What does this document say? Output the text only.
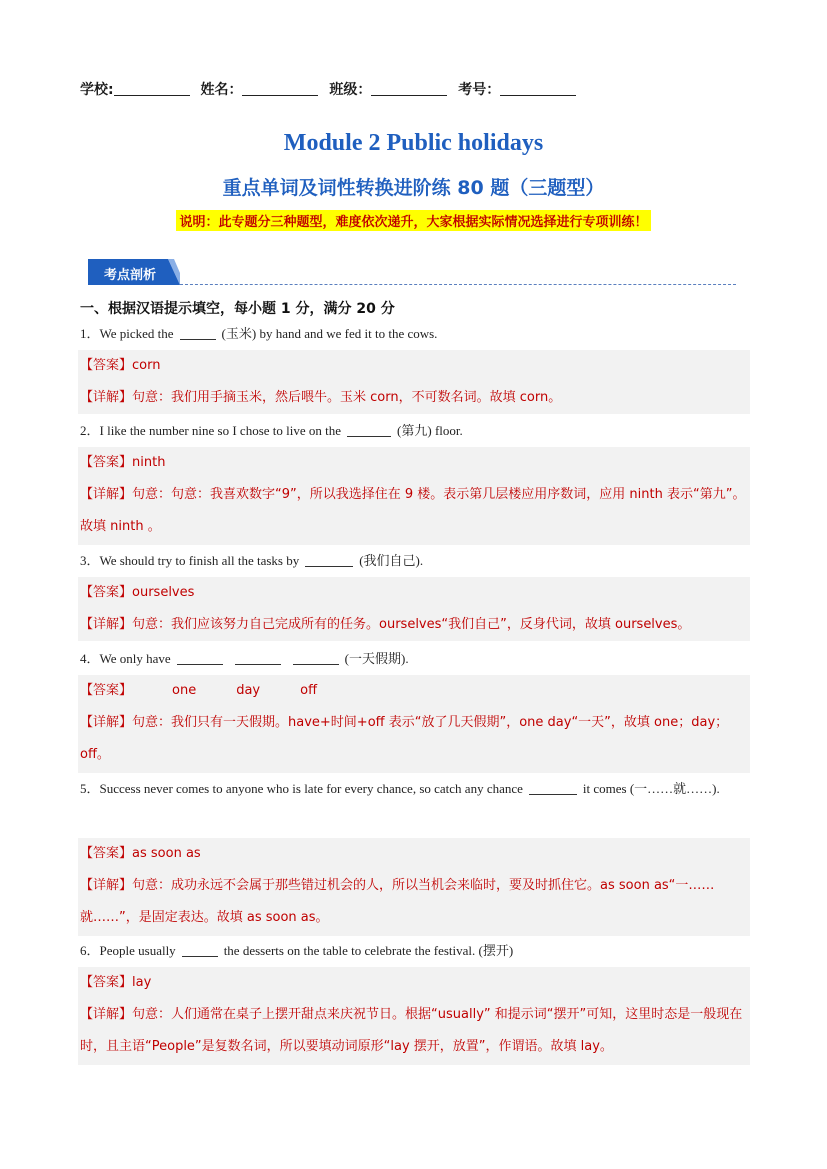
学校:	姓名：	班级：	考号：
Module 2 Public holidays
重点单词及词性转换进阶练 80 题（三题型）
说明：此专题分三种题型，难度依次递升，大家根据实际情况选择进行专项训练！
考点剖析
一、根据汉语提示填空，每小题 1 分，满分 20 分
1．We picked the	(玉米) by hand and we fed it to the cows.
【答案】corn
【详解】句意：我们用手摘玉米，然后喂牛。玉米 corn，不可数名词。故填 corn。
2．I like the number nine so I chose to live on the	(第九) floor.
【答案】ninth
【详解】句意：句意：我喜欢数字“9”，所以我选择住在 9 楼。表示第几层楼应用序数词，应用 ninth 表示“第九”。故填 ninth 。
3．We should try to finish all the tasks by	(我们自己).
【答案】ourselves
【详解】句意：我们应该努力自己完成所有的任务。ourselves“我们自己”，反身代词，故填 ourselves。
4．We only have	(一天假期).
【答案】	one	day	off
【详解】句意：我们只有一天假期。have+时间+off 表示“放了几天假期”，one day“一天”，故填 one；day；off。
5．Success never comes to anyone who is late for every chance, so catch any chance	it comes (一……就……).
【答案】as soon as
【详解】句意：成功永远不会属于那些错过机会的人，所以当机会来临时，要及时抓住它。as soon as“一……就……”，是固定表达。故填 as soon as。
6．People usually	the desserts on the table to celebrate the festival. (摆开)
【答案】lay
【详解】句意：人们通常在桌子上摆开甜点来庆祝节日。根据“usually” 和提示词“摆开”可知，这里时态是一般现在时，且主语“People”是复数名词，所以要填动词原形“lay 摆开，放置”，作谓语。故填 lay。
